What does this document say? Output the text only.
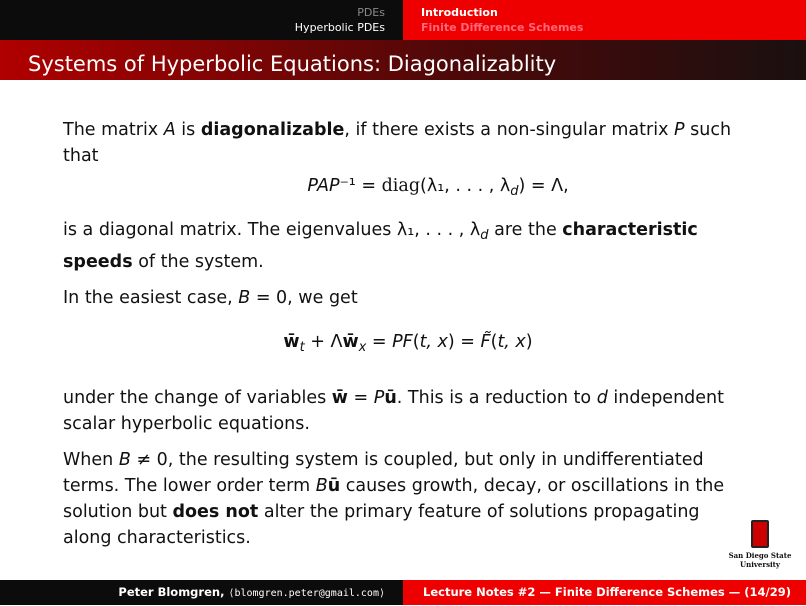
PDEs
Hyperbolic PDEs
Introduction
Finite Difference Schemes
Systems of Hyperbolic Equations: Diagonalizablity

The matrix A is diagonalizable, if there exists a non-singular matrix P such that

PAP⁻¹ = diag(λ₁, . . . , $\lambda_d) = \Lambda$,

is a diagonal matrix. The eigenvalues λ₁, . . . , $\lambda_d$ are the characteristic speeds of the system.

In the easiest case, B = 0, we get

$w̄_t$ + $\Lambda w̄_x = PF(t$, x) = F̃(t, x)

under the change of variables w̄ = Pū. This is a reduction to d independent scalar hyperbolic equations.

When B ≠ 0, the resulting system is coupled, but only in undifferentiated terms. The lower order term Bū causes growth, decay, or oscillations in the solution but does not alter the primary feature of solutions propagating along characteristics.

San Diego State
University
Peter Blomgren, ⟨blomgren.peter@gmail.com⟩	Lecture Notes #2 — Finite Difference Schemes — (14/29)
